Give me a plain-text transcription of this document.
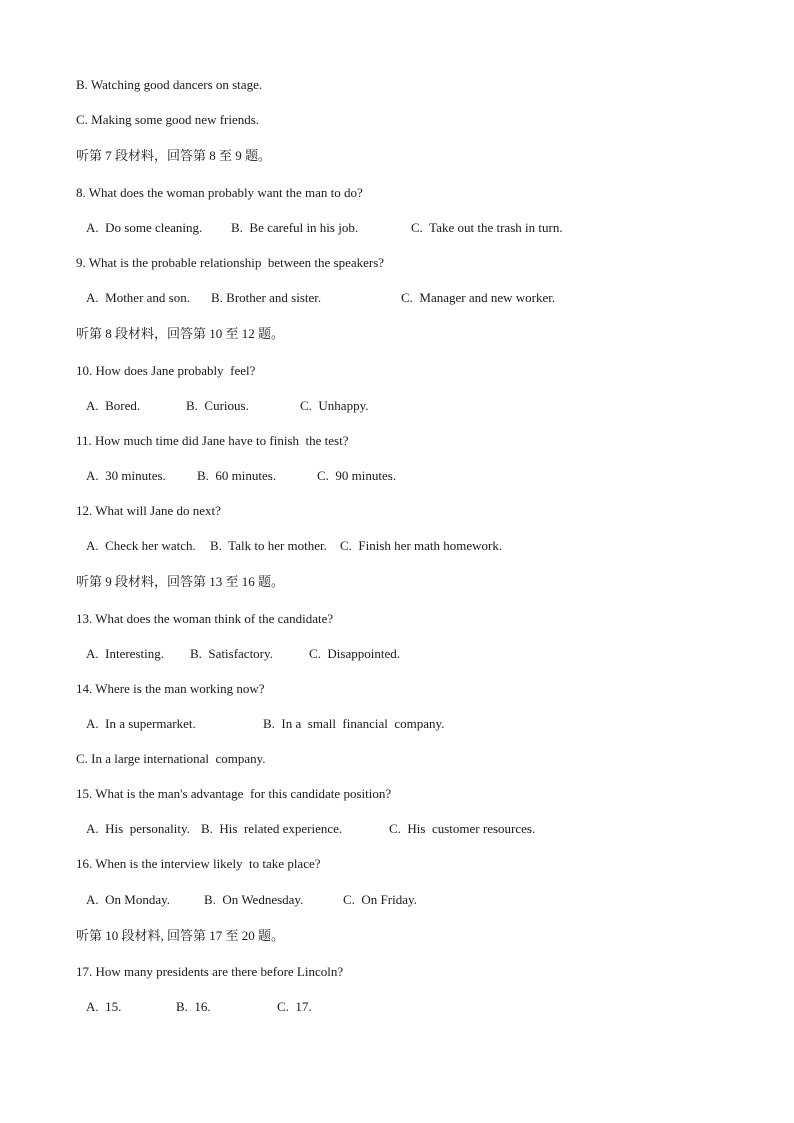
B. Watching good dancers on stage.
C. Making some good new friends.
听第 7 段材料，回答第 8 至 9 题。
8. What does the woman probably want the man to do?
A.  Do some cleaning. B.  Be careful in his job.	C.  Take out the trash in turn.
9. What is the probable relationship  between the speakers?
A.  Mother and son. B. Brother and sister.	C.  Manager and new worker.
听第 8 段材料，回答第 10 至 12 题。
10. How does Jane probably  feel?
A.  Bored.	B.  Curious.	C.  Unhappy.
11. How much time did Jane have to finish  the test?
A.  30 minutes. B.  60 minutes.	C.  90 minutes.
12. What will Jane do next?
A.  Check her watch. B.  Talk to her mother. C.  Finish her math homework.
听第 9 段材料，回答第 13 至 16 题。
13. What does the woman think of the candidate?
A.  Interesting. B.  Satisfactory.	C.  Disappointed.
14. Where is the man working now?
A.  In a supermarket.	B.  In a  small  financial  company.
C. In a large international  company.
15. What is the man's advantage  for this candidate position?
A.  His  personality. B.  His  related experience.	C.  His  customer resources.
16. When is the interview likely  to take place?
A.  On Monday.	B.  On Wednesday.	C.  On Friday.
听第 10 段材料, 回答第 17 至 20 题。
17. How many presidents are there before Lincoln?
A.  15.	B.  16.	C.  17.
